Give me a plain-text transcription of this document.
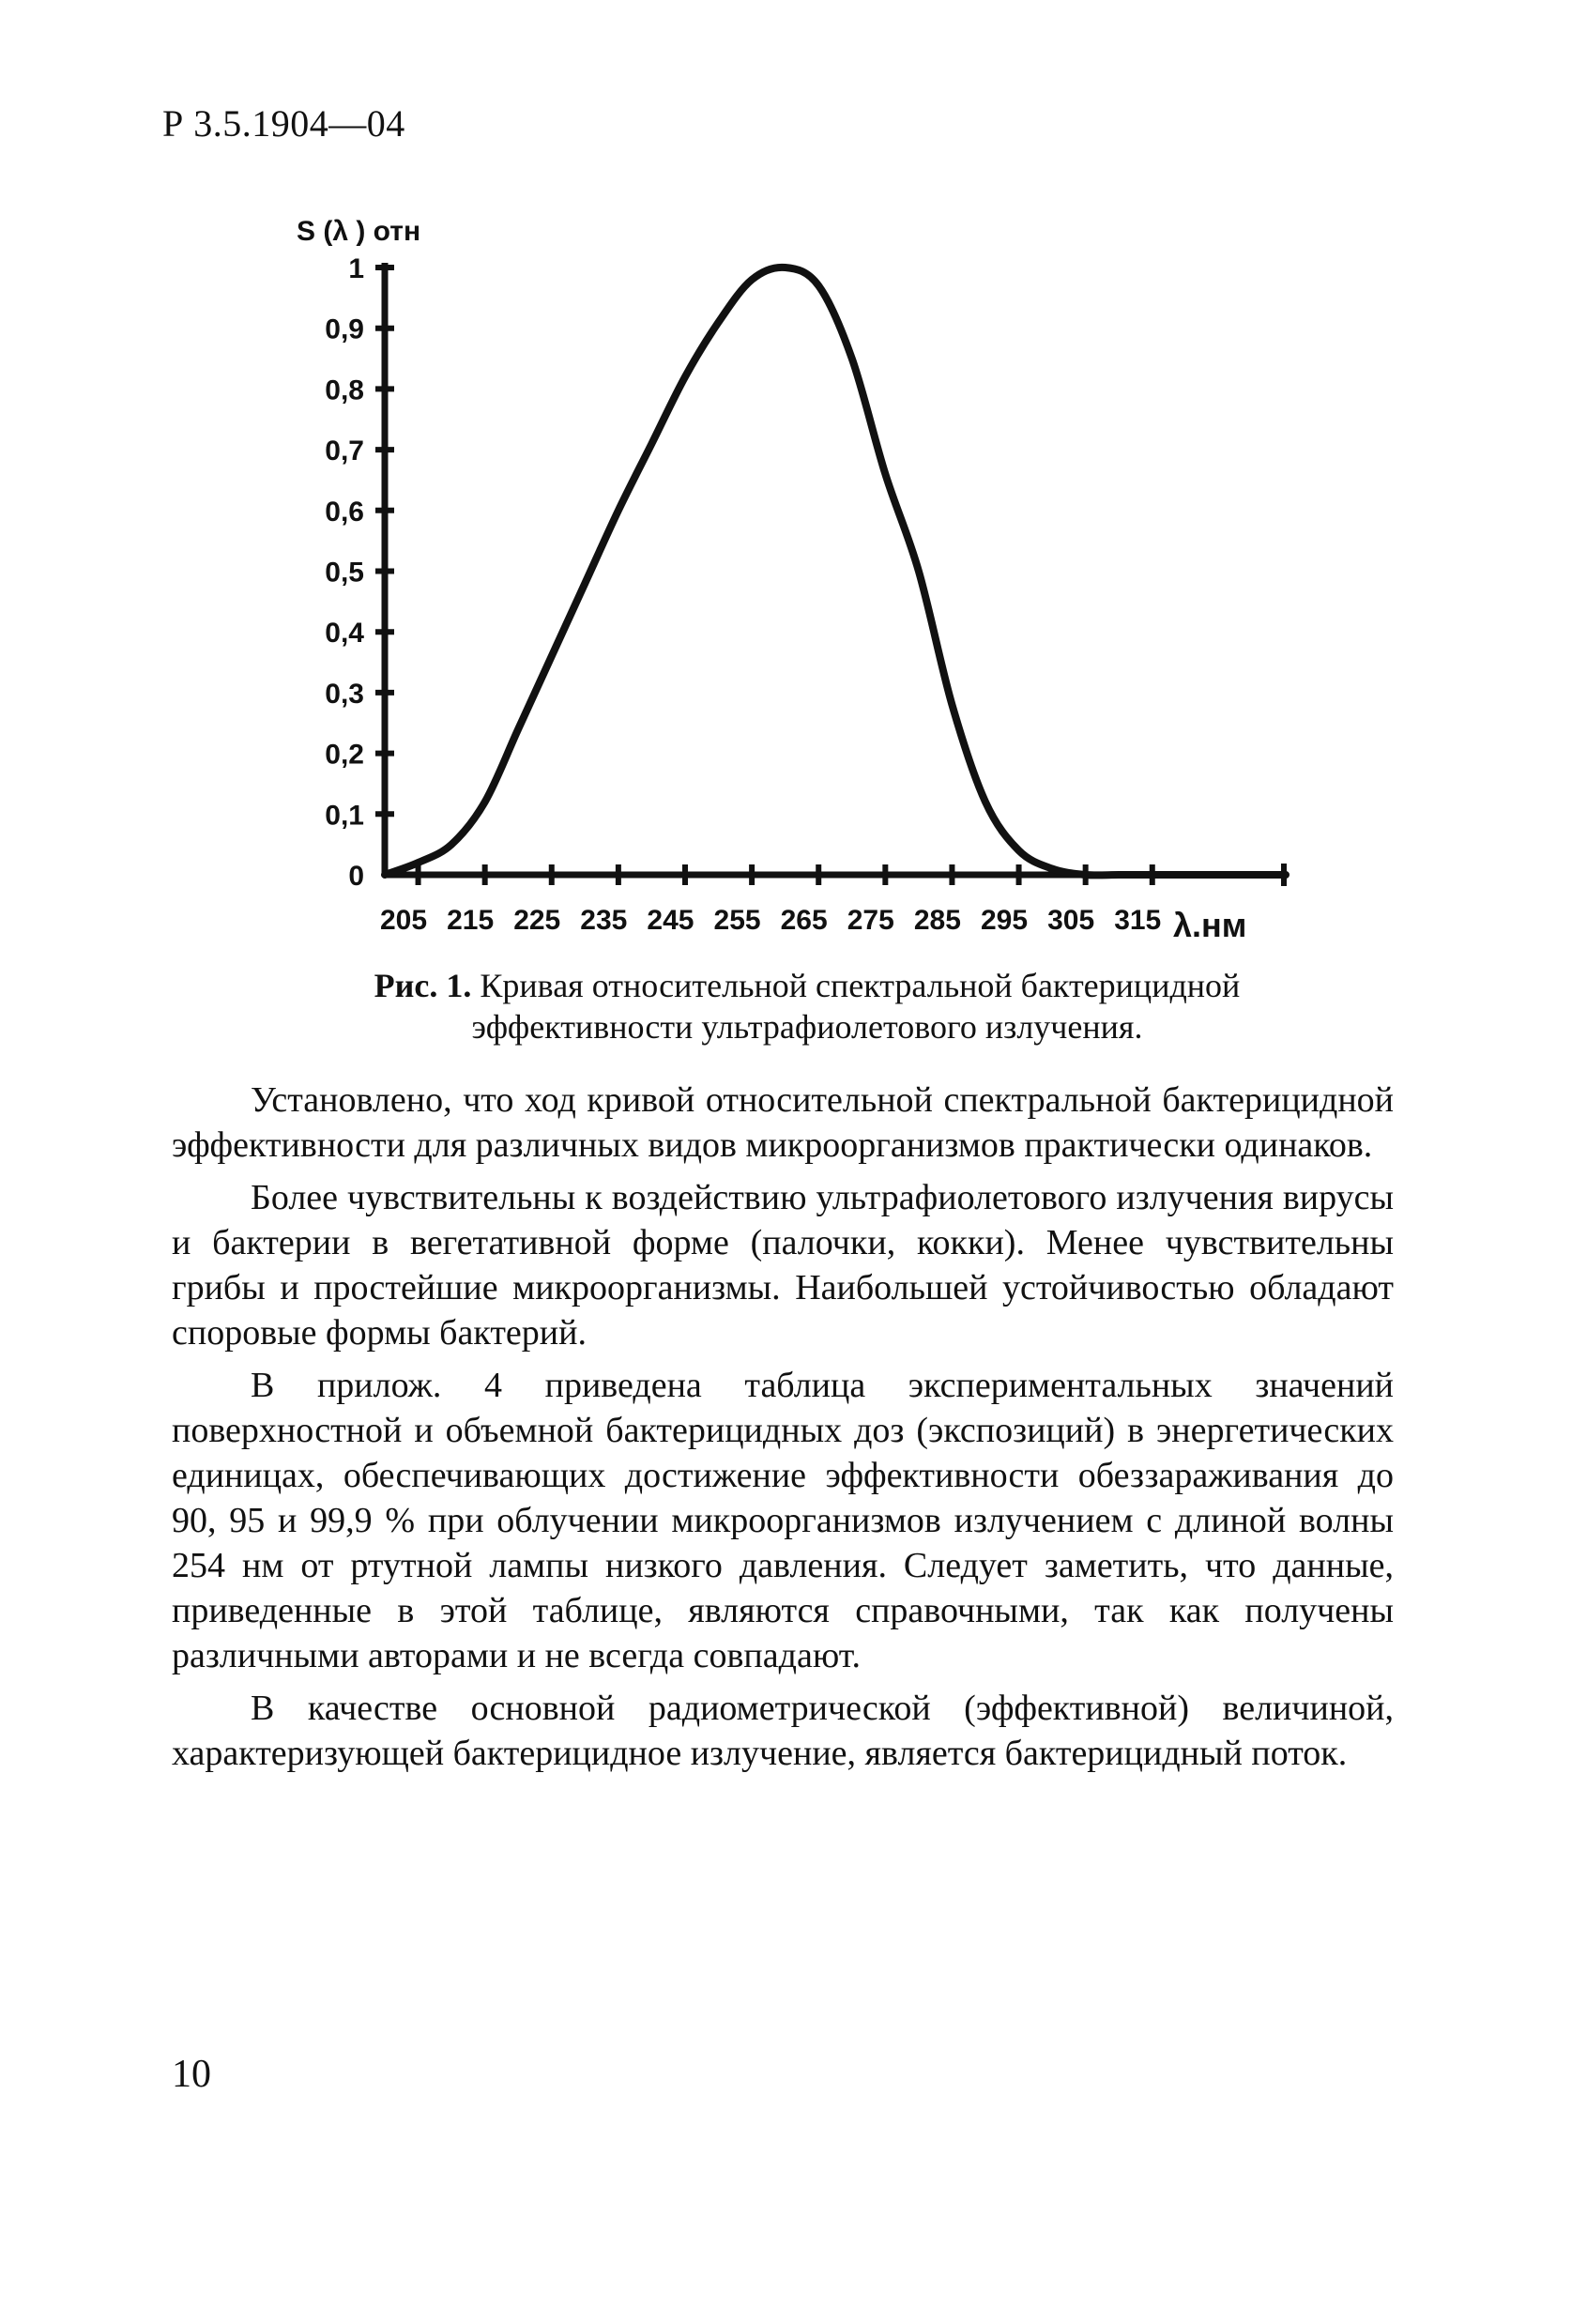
Р 3.5.1904—04
0
0,1
0,2
0,3
0,4
0,5
0,6
0,7
0,8
0,9
1
205 215 225 235 245 255 265 275 285 295 305 315
S (λ ) отн
λ.нм
Рис. 1. Кривая относительной спектральной бактерицидной
эффективности ультрафиолетового излучения.

Установлено, что ход кривой относительной спектральной бактерицидной эффективности для различных видов микроорганизмов практически одинаков.

Более чувствительны к воздействию ультрафиолетового излучения вирусы и бактерии в вегетативной форме (палочки, кокки). Менее чувствительны грибы и простейшие микроорганизмы. Наибольшей устойчивостью обладают споровые формы бактерий.

В прилож. 4 приведена таблица экспериментальных значений поверхностной и объемной бактерицидных доз (экспозиций) в энергетических единицах, обеспечивающих достижение эффективности обеззараживания до 90, 95 и 99,9 % при облучении микроорганизмов излучением с длиной волны 254 нм от ртутной лампы низкого давления. Следует заметить, что данные, приведенные в этой таблице, являются справочными, так как получены различными авторами и не всегда совпадают.

В качестве основной радиометрической (эффективной) величиной, характеризующей бактерицидное излучение, является бактерицидный поток.

10
